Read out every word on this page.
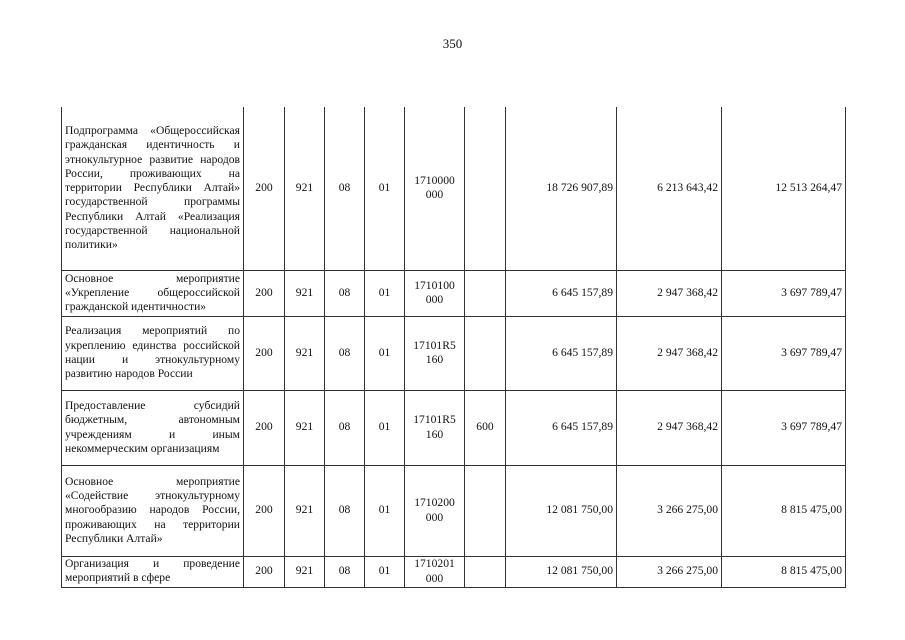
350
Подпрограмма «Общероссийская гражданская идентичность и этнокультурное развитие народов России, проживающих на территории Республики Алтай» государственной программы Республики Алтай «Реализация государственной национальной политики»	200	921	08	01	1710000 000		18 726 907,89	6 213 643,42	12 513 264,47
Основное мероприятие «Укрепление общероссийской гражданской идентичности»	200	921	08	01	1710100 000		6 645 157,89	2 947 368,42	3 697 789,47
Реализация мероприятий по укреплению единства российской нации и этнокультурному развитию народов России	200	921	08	01	17101R5 160		6 645 157,89	2 947 368,42	3 697 789,47
Предоставление субсидий бюджетным, автономным учреждениям и иным некоммерческим организациям	200	921	08	01	17101R5 160	600	6 645 157,89	2 947 368,42	3 697 789,47
Основное мероприятие «Содействие этнокультурному многообразию народов России, проживающих на территории Республики Алтай»	200	921	08	01	1710200 000		12 081 750,00	3 266 275,00	8 815 475,00
Организация и проведение мероприятий в сфере	200	921	08	01	1710201 000		12 081 750,00	3 266 275,00	8 815 475,00
